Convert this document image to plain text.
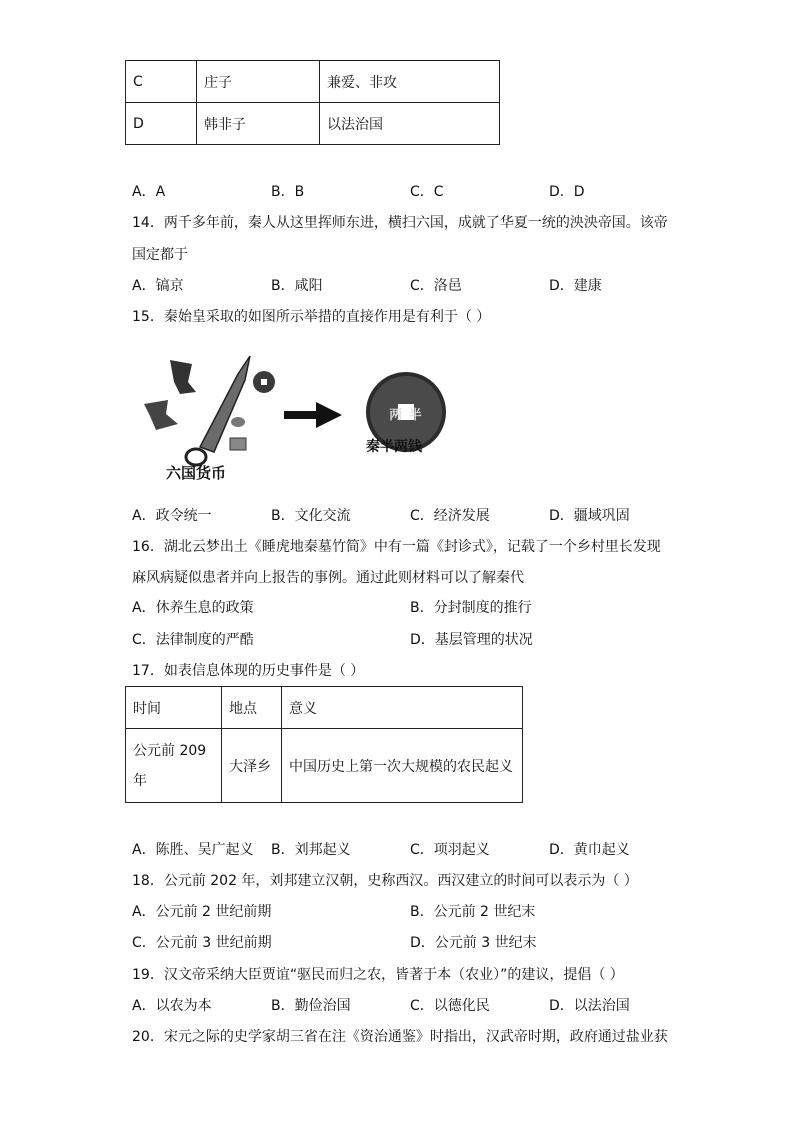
C	庄子	兼爱、非攻
D	韩非子	以法治国
A．A	B．B	C．C	D．D
14．两千多年前，秦人从这里挥师东进，横扫六国，成就了华夏一统的泱泱帝国。该帝
国定都于
A．镐京	B．咸阳	C．洛邑	D．建康
15．秦始皇采取的如图所示举措的直接作用是有利于（ ）
两 半
六国货币
秦半两钱
A．政令统一	B．文化交流	C．经济发展	D．疆域巩固
16．湖北云梦出土《睡虎地秦墓竹简》中有一篇《封诊式》，记载了一个乡村里长发现
麻风病疑似患者并向上报告的事例。通过此则材料可以了解秦代
A．休养生息的政策	B．分封制度的推行
C．法律制度的严酷	D．基层管理的状况
17．如表信息体现的历史事件是（ ）
时间	地点	意义
公元前 209
年	大泽乡	中国历史上第一次大规模的农民起义
A．陈胜、吴广起义 B．刘邦起义	C．项羽起义	D．黄巾起义
18．公元前 202 年，刘邦建立汉朝，史称西汉。西汉建立的时间可以表示为（ ）
A．公元前 2 世纪前期	B．公元前 2 世纪末
C．公元前 3 世纪前期	D．公元前 3 世纪末
19．汉文帝采纳大臣贾谊“驱民而归之农，皆著于本（农业）”的建议，提倡（ ）
A．以农为本	B．勤俭治国	C．以德化民	D．以法治国
20．宋元之际的史学家胡三省在注《资治通鉴》时指出，汉武帝时期，政府通过盐业获
